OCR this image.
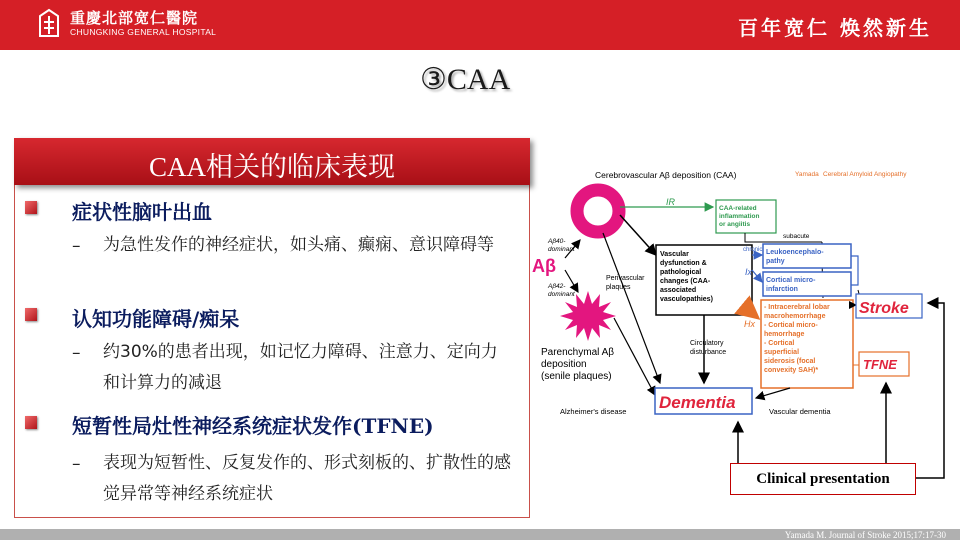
重慶北部宽仁醫院
CHUNGKING GENERAL HOSPITAL	百年宽仁 焕然新生
③CAA
CAA相关的临床表现
症状性脑叶出血
– 为急性发作的神经症状，如头痛、癫痫、意识障碍等
认知功能障碍/痴呆
– 约30%的患者出现，如记忆力障碍、注意力、定向力和计算力的减退
短暂性局灶性神经系统症状发作(TFNE)
– 表现为短暂性、反复发作的、形式刻板的、扩散性的感觉异常等神经系统症状
Cerebrovascular Aβ deposition (CAA)	Yamada Cerebral Amyloid Angiopathy
Aβ
Aβ40-dominant
Aβ42-dominant
Parenchymal Aβ deposition (senile plaques)
Alzheimer's disease
Perivascular plaques
IR
CAA-related inflammation or angiitis
subacute
Vascular dysfunction & pathological changes (CAA-associated vasculopathies)
chronic
Ix
Leukoencephalo-pathy
Cortical micro-infarction
Hx
- Intracerebral lobar macrohemorrhage - Cortical micro-hemorrhage - Cortical superficial siderosis (focal convexity SAH)*
Stroke
TFNE
Circulatory disturbance
Dementia	Vascular dementia
Clinical presentation
Yamada M. Journal of Stroke 2015;17:17-30
